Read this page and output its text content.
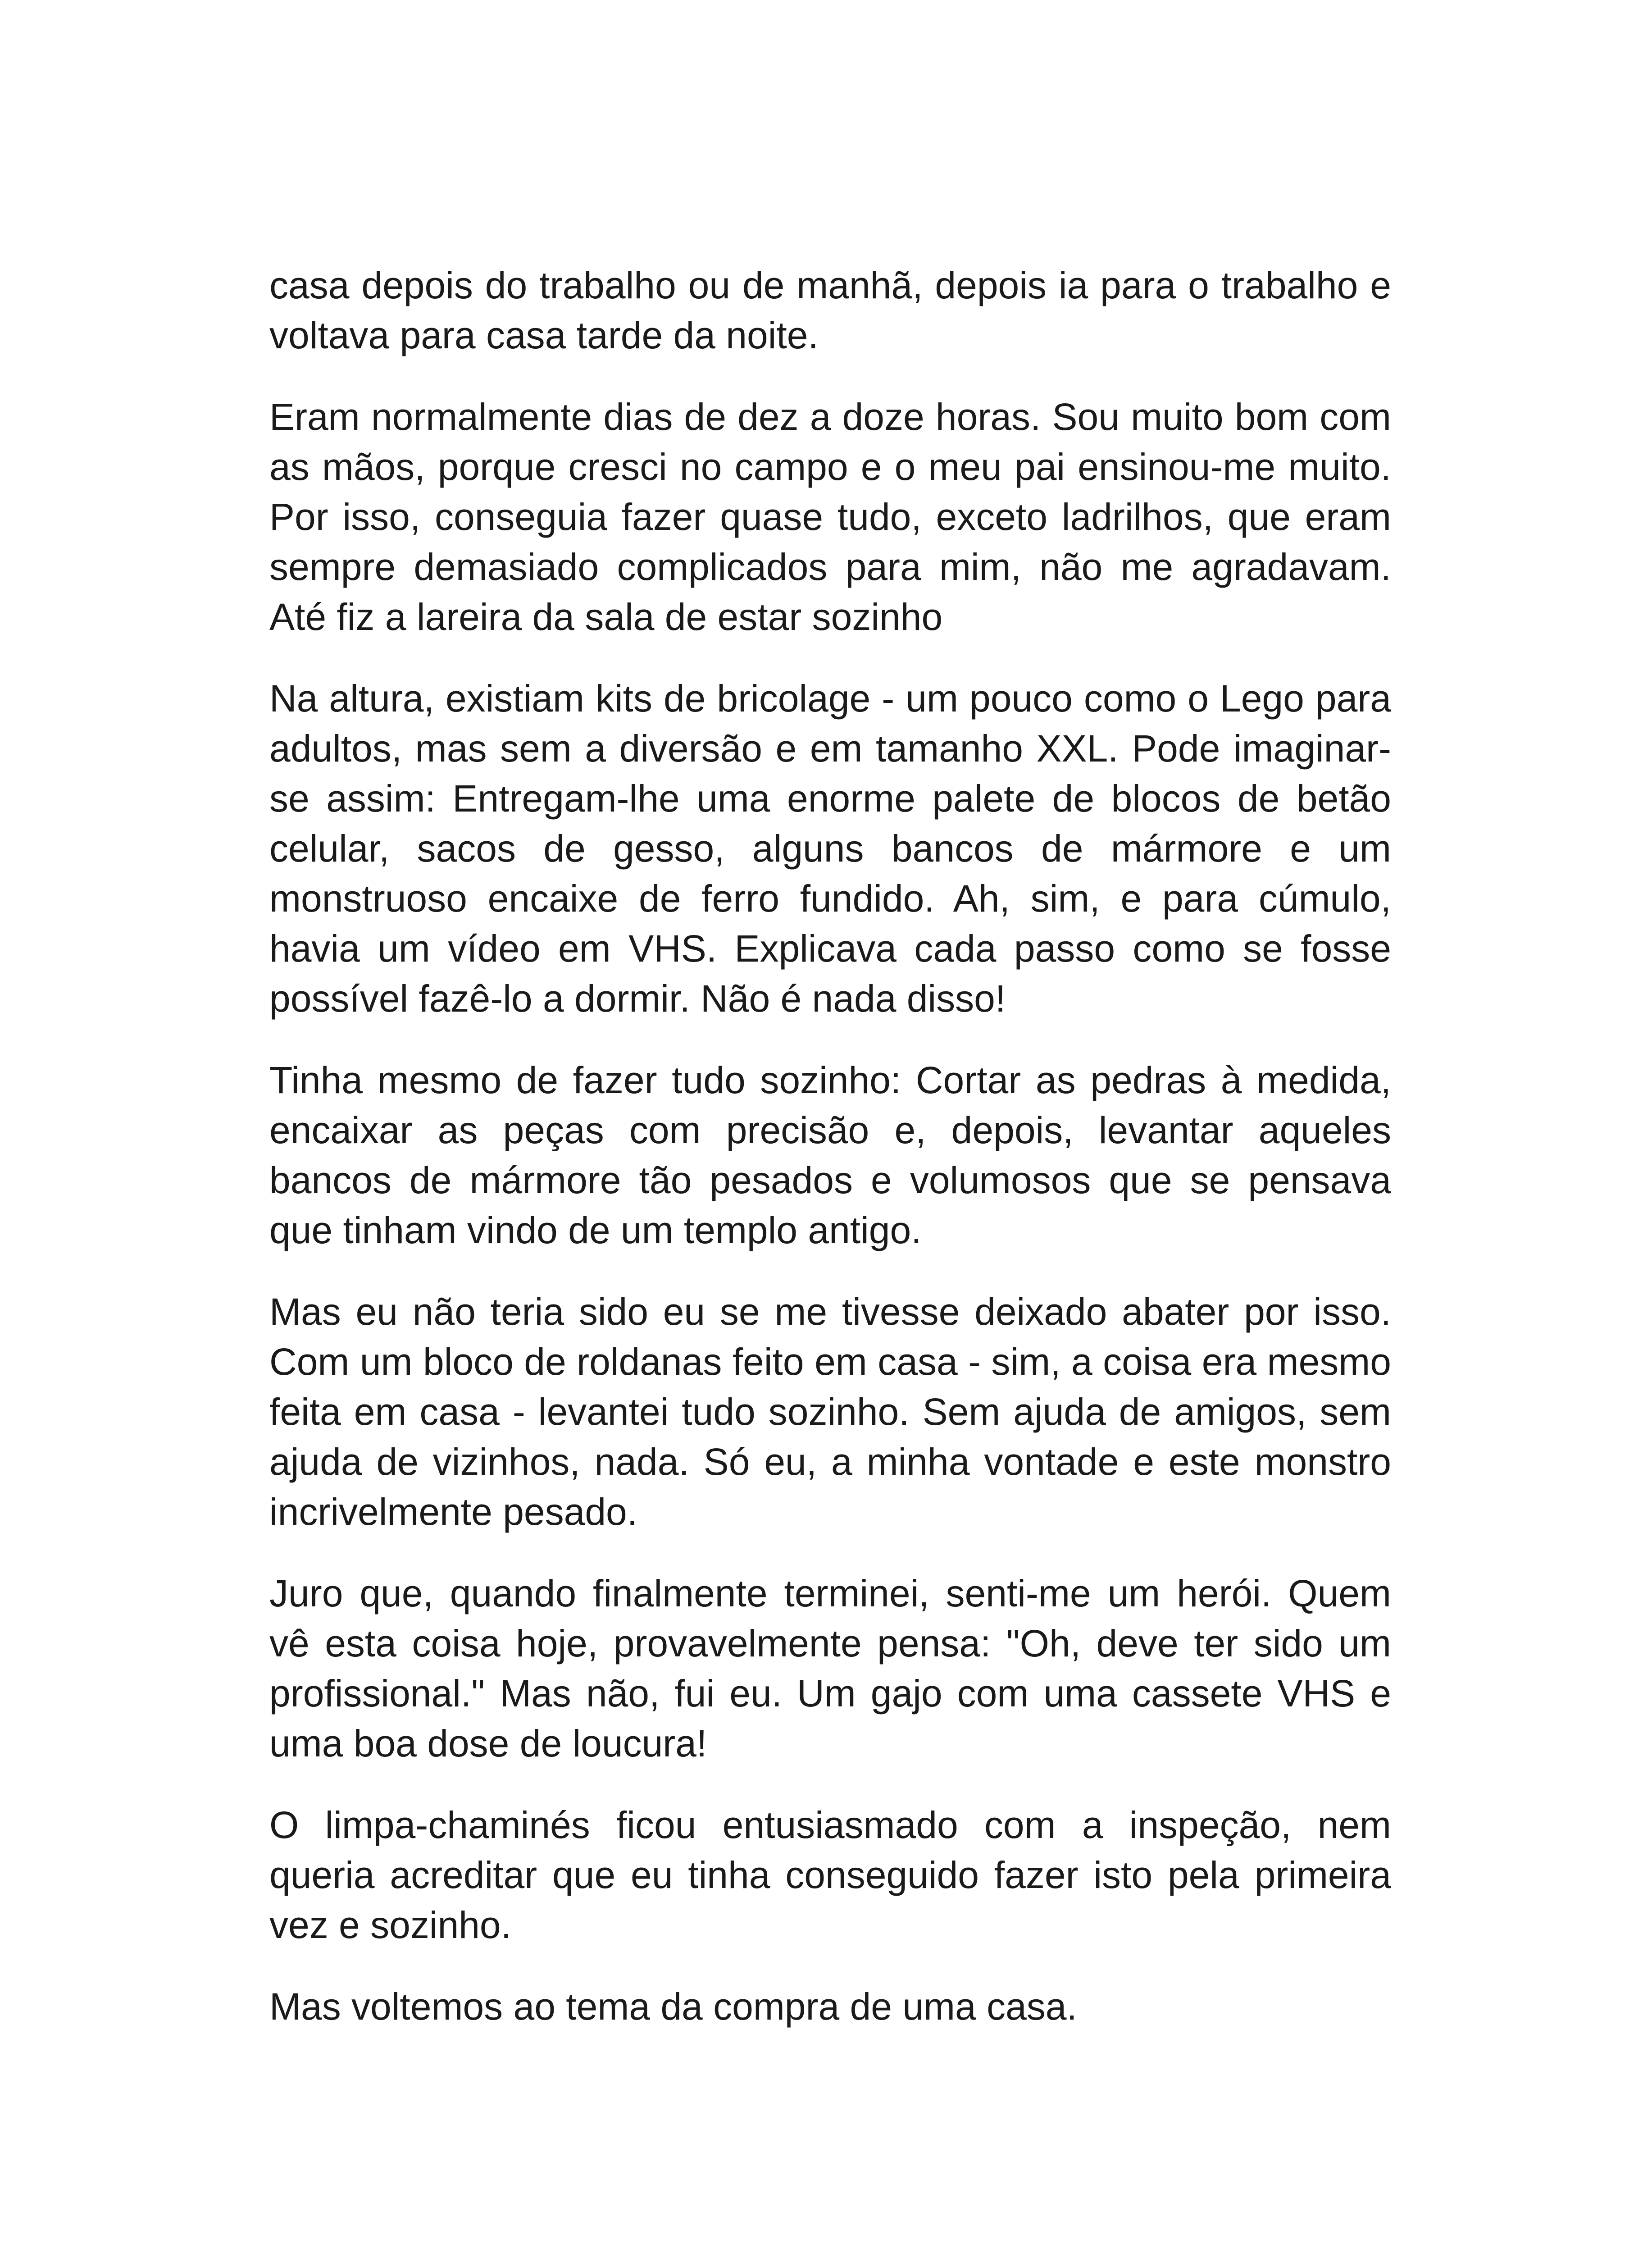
casa depois do trabalho ou de manhã, depois ia para o trabalho e voltava para casa tarde da noite.

Eram normalmente dias de dez a doze horas. Sou muito bom com as mãos, porque cresci no campo e o meu pai ensinou-me muito. Por isso, conseguia fazer quase tudo, exceto ladrilhos, que eram sempre demasiado complicados para mim, não me agradavam. Até fiz a lareira da sala de estar sozinho

Na altura, existiam kits de bricolage - um pouco como o Lego para adultos, mas sem a diversão e em tamanho XXL. Pode imaginar-se assim: Entregam-lhe uma enorme palete de blocos de betão celular, sacos de gesso, alguns bancos de mármore e um monstruoso encaixe de ferro fundido. Ah, sim, e para cúmulo, havia um vídeo em VHS. Explicava cada passo como se fosse possível fazê-lo a dormir. Não é nada disso!

Tinha mesmo de fazer tudo sozinho: Cortar as pedras à medida, encaixar as peças com precisão e, depois, levantar aqueles bancos de mármore tão pesados e volumosos que se pensava que tinham vindo de um templo antigo.

Mas eu não teria sido eu se me tivesse deixado abater por isso. Com um bloco de roldanas feito em casa - sim, a coisa era mesmo feita em casa - levantei tudo sozinho. Sem ajuda de amigos, sem ajuda de vizinhos, nada. Só eu, a minha vontade e este monstro incrivelmente pesado.

Juro que, quando finalmente terminei, senti-me um herói. Quem vê esta coisa hoje, provavelmente pensa: "Oh, deve ter sido um profissional." Mas não, fui eu. Um gajo com uma cassete VHS e uma boa dose de loucura!

O limpa-chaminés ficou entusiasmado com a inspeção, nem queria acreditar que eu tinha conseguido fazer isto pela primeira vez e sozinho.

Mas voltemos ao tema da compra de uma casa.
